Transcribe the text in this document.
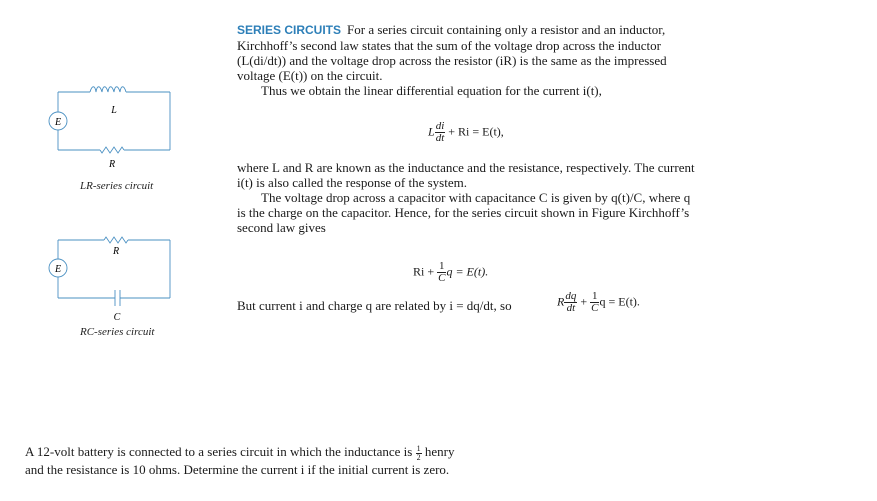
SERIES CIRCUITS For a series circuit containing only a resistor and an inductor, Kirchhoff’s second law states that the sum of the voltage drop across the inductor (L(di/dt)) and the voltage drop across the resistor (iR) is the same as the impressed voltage (E(t)) on the circuit.

Thus we obtain the linear differential equation for the current i(t),

L $\frac{di}{dt} + Ri = E(t)$,

where L and R are known as the inductance and the resistance, respectively. The current i(t) is also called the response of the system.

The voltage drop across a capacitor with capacitance C is given by q(t)/C, where q is the charge on the capacitor. Hence, for the series circuit shown in Figure Kirchhoff’s second law gives

$Ri + \frac{1}{C}$ q = E(t).
But current i and charge q are related by i = dq/dt, so	R $\frac{dq}{dt} + \frac{1}{C}$ q = E(t).
E
L
R
LR-series circuit
E
R
C
RC-series circuit

A 12-volt battery is connected to a series circuit in which the inductance is $\frac{1}{2}$ henry

and the resistance is 10 ohms. Determine the current i if the initial current is zero.
